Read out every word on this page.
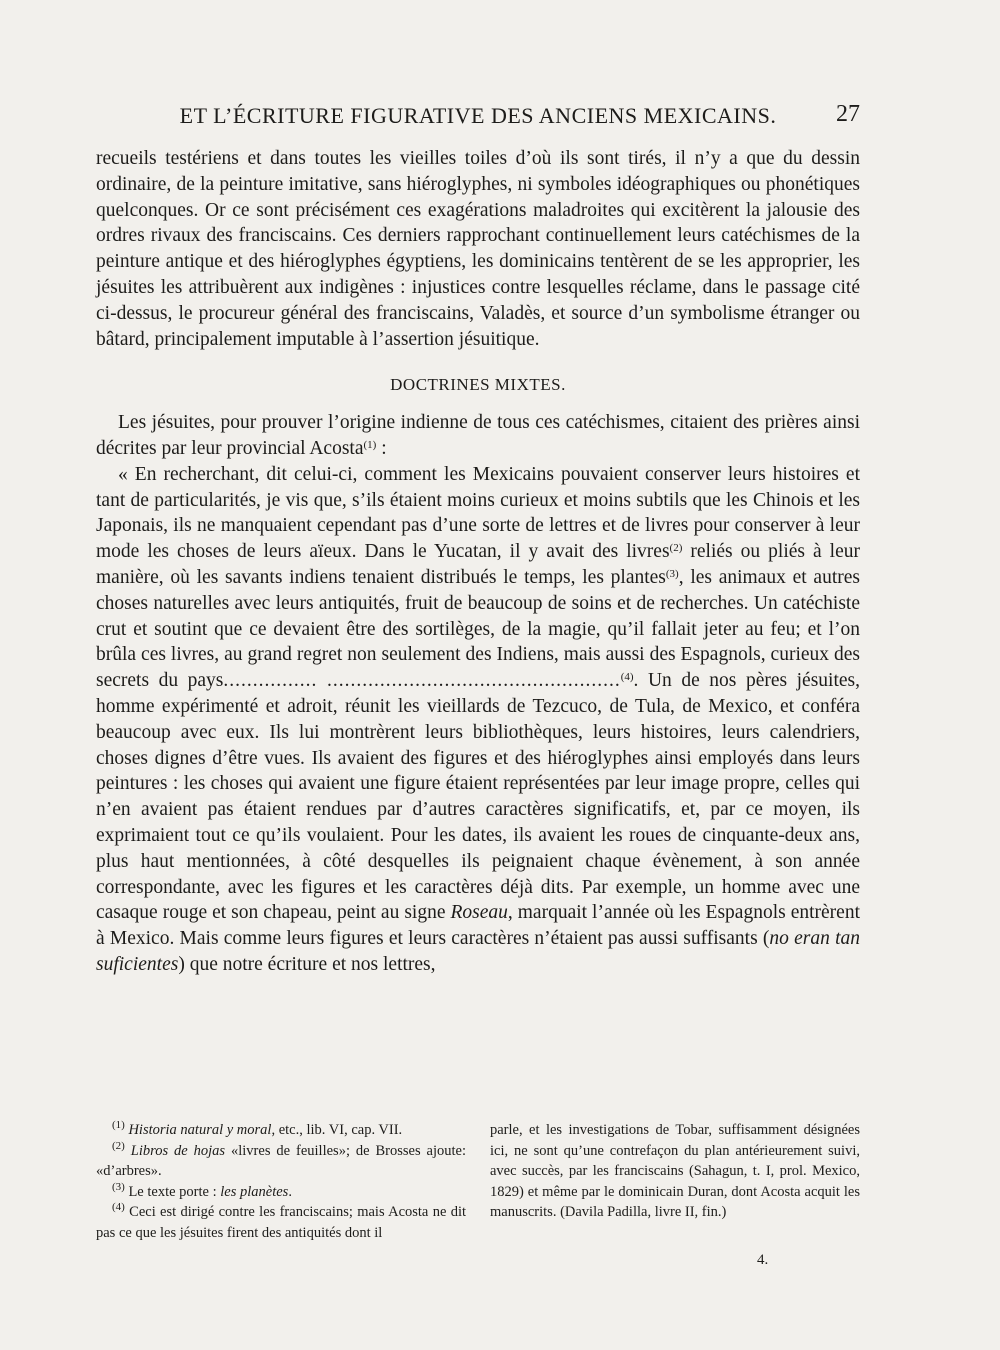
ET L’ÉCRITURE FIGURATIVE DES ANCIENS MEXICAINS.	27

recueils testériens et dans toutes les vieilles toiles d’où ils sont tirés, il n’y a que du dessin ordinaire, de la peinture imitative, sans hiéroglyphes, ni symboles idéographiques ou phonétiques quelconques. Or ce sont précisément ces exagérations maladroites qui excitèrent la jalousie des ordres rivaux des franciscains. Ces derniers rapprochant continuellement leurs catéchismes de la peinture antique et des hiéroglyphes égyptiens, les dominicains tentèrent de se les approprier, les jésuites les attribuèrent aux indigènes : injustices contre lesquelles réclame, dans le passage cité ci-dessus, le procureur général des franciscains, Valadès, et source d’un symbolisme étranger ou bâtard, principalement imputable à l’assertion jésuitique.

DOCTRINES MIXTES.

Les jésuites, pour prouver l’origine indienne de tous ces catéchismes, citaient des prières ainsi décrites par leur provincial Acosta$^{(1)}$ :

« En recherchant, dit celui-ci, comment les Mexicains pouvaient conserver leurs histoires et tant de particularités, je vis que, s’ils étaient moins curieux et moins subtils que les Chinois et les Japonais, ils ne manquaient cependant pas d’une sorte de lettres et de livres pour conserver à leur mode les choses de leurs aïeux. Dans le Yucatan, il y avait des livres$^{(2)}$ reliés ou pliés à leur manière, où les savants indiens tenaient distribués le temps, les plantes$^{(3)}$, les animaux et autres choses naturelles avec leurs antiquités, fruit de beaucoup de soins et de recherches. Un catéchiste crut et soutint que ce devaient être des sortilèges, de la magie, qu’il fallait jeter au feu; et l’on brûla ces livres, au grand regret non seulement des Indiens, mais aussi des Espagnols, curieux des secrets du pays................ ..................................................$^{(4)}$. Un de nos pères jésuites, homme expérimenté et adroit, réunit les vieillards de Tezcuco, de Tula, de Mexico, et conféra beaucoup avec eux. Ils lui montrèrent leurs bibliothèques, leurs histoires, leurs calendriers, choses dignes d’être vues. Ils avaient des figures et des hiéroglyphes ainsi employés dans leurs peintures : les choses qui avaient une figure étaient représentées par leur image propre, celles qui n’en avaient pas étaient rendues par d’autres caractères significatifs, et, par ce moyen, ils exprimaient tout ce qu’ils voulaient. Pour les dates, ils avaient les roues de cinquante-deux ans, plus haut mentionnées, à côté desquelles ils peignaient chaque évènement, à son année correspondante, avec les figures et les caractères déjà dits. Par exemple, un homme avec une casaque rouge et son chapeau, peint au signe Roseau, marquait l’année où les Espagnols entrèrent à Mexico. Mais comme leurs figures et leurs caractères n’étaient pas aussi suffisants (no eran tan suficientes) que notre écriture et nos lettres,

$^{(1)}$ Historia natural y moral, etc., lib. VI, cap. VII.

$^{(2)}$ Libros de hojas «livres de feuilles»; de Brosses ajoute: «d’arbres».

$^{(3)}$ Le texte porte : les planètes.

$^{(4)}$ Ceci est dirigé contre les franciscains; mais Acosta ne dit pas ce que les jésuites firent des antiquités dont il

parle, et les investigations de Tobar, suffisamment désignées ici, ne sont qu’une contrefaçon du plan antérieurement suivi, avec succès, par les franciscains (Sahagun, t. I, prol. Mexico, 1829) et même par le dominicain Duran, dont Acosta acquit les manuscrits. (Davila Padilla, livre II, fin.)

4.
